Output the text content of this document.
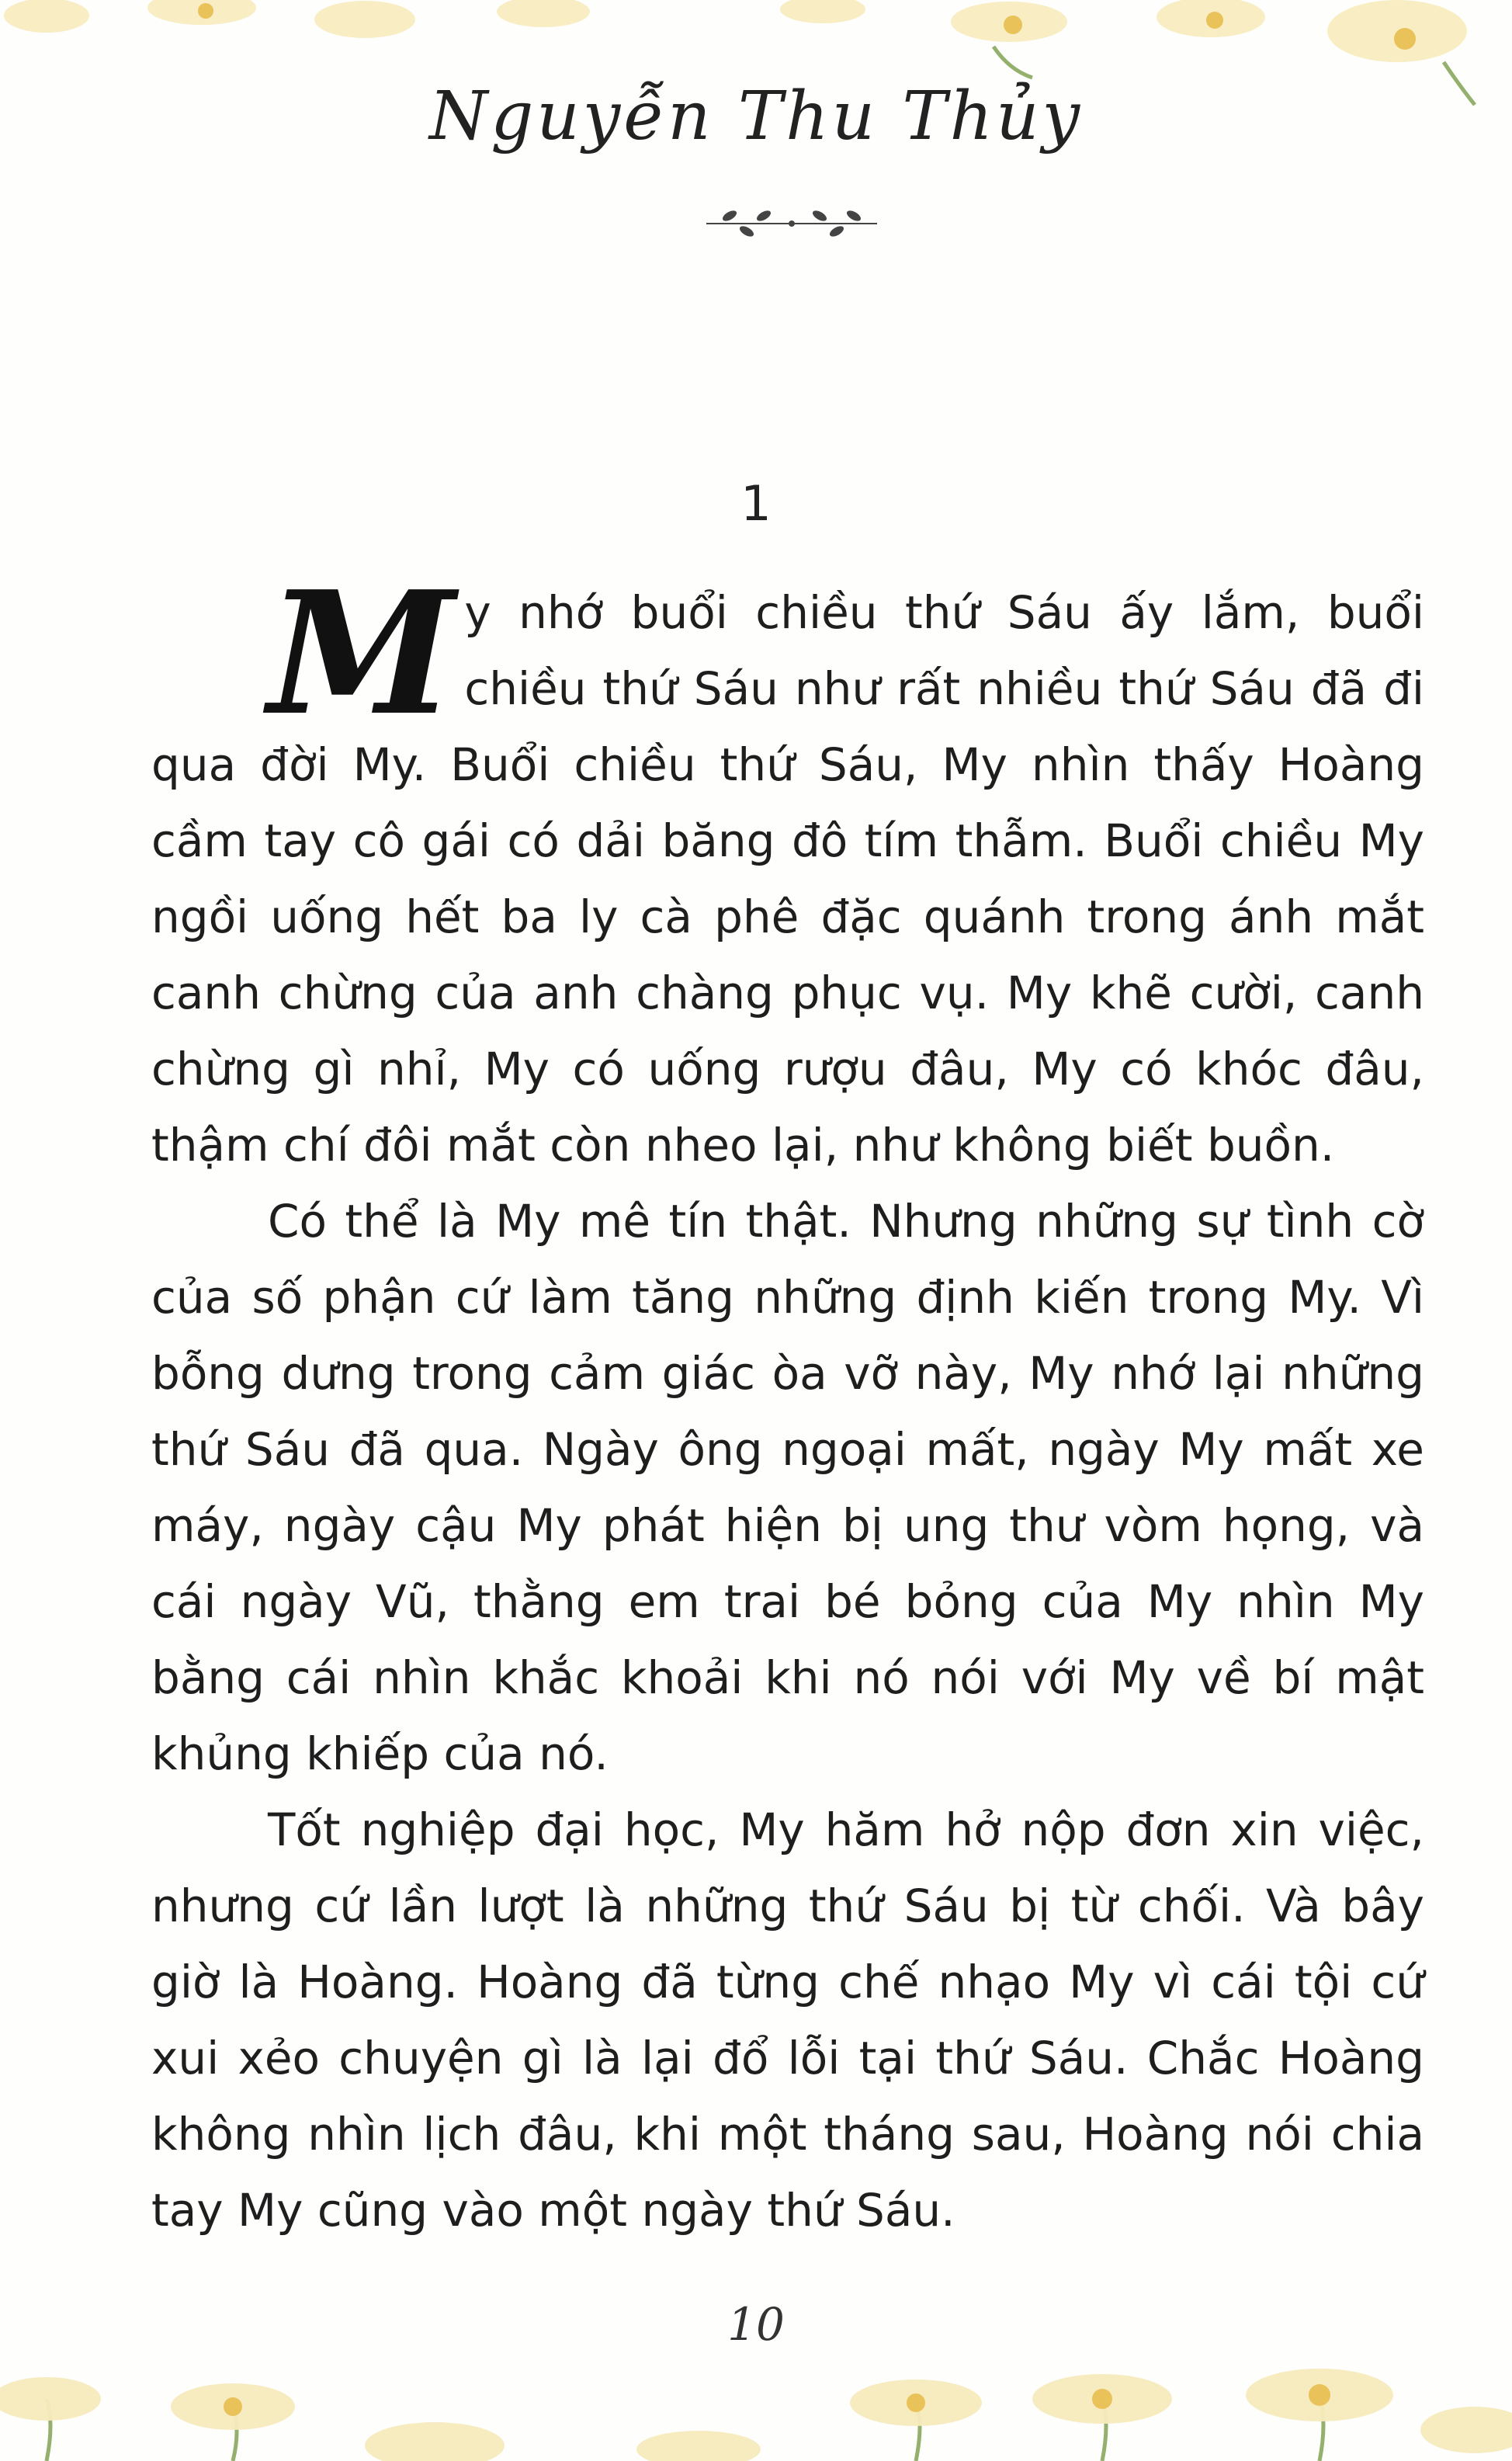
Nguyễn Thu Thủy
1

My nhớ buổi chiều thứ Sáu ấy lắm, buổi chiều thứ Sáu như rất nhiều thứ Sáu đã đi qua đời My. Buổi chiều thứ Sáu, My nhìn thấy Hoàng cầm tay cô gái có dải băng đô tím thẫm. Buổi chiều My ngồi uống hết ba ly cà phê đặc quánh trong ánh mắt canh chừng của anh chàng phục vụ. My khẽ cười, canh chừng gì nhỉ, My có uống rượu đâu, My có khóc đâu, thậm chí đôi mắt còn nheo lại, như không biết buồn.

Có thể là My mê tín thật. Nhưng những sự tình cờ của số phận cứ làm tăng những định kiến trong My. Vì bỗng dưng trong cảm giác òa vỡ này, My nhớ lại những thứ Sáu đã qua. Ngày ông ngoại mất, ngày My mất xe máy, ngày cậu My phát hiện bị ung thư vòm họng, và cái ngày Vũ, thằng em trai bé bỏng của My nhìn My bằng cái nhìn khắc khoải khi nó nói với My về bí mật khủng khiếp của nó.

Tốt nghiệp đại học, My hăm hở nộp đơn xin việc, nhưng cứ lần lượt là những thứ Sáu bị từ chối. Và bây giờ là Hoàng. Hoàng đã từng chế nhạo My vì cái tội cứ xui xẻo chuyện gì là lại đổ lỗi tại thứ Sáu. Chắc Hoàng không nhìn lịch đâu, khi một tháng sau, Hoàng nói chia tay My cũng vào một ngày thứ Sáu.

10
